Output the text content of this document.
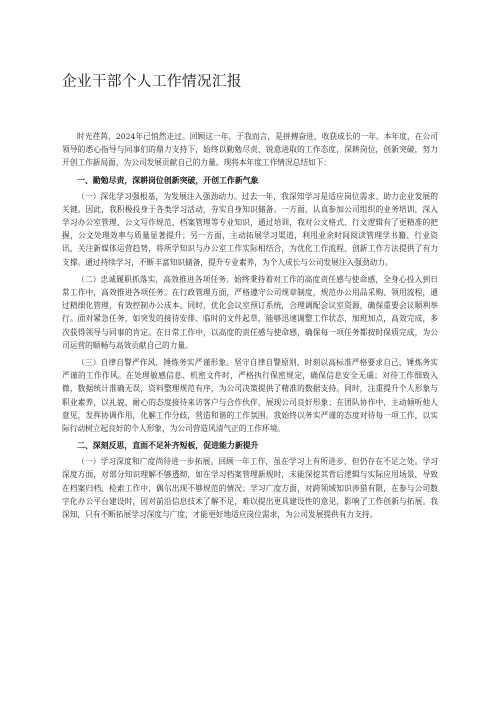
企业干部个人工作情况汇报

时光荏苒，2024年已悄然走过。回顾这一年，于我而言，是拼搏奋进、收获成长的一年。本年度，在公司领导的悉心指导与同事们的鼎力支持下，始终以勤勉尽责、锐意进取的工作态度，深耕岗位，创新突破，努力开创工作新局面，为公司发展贡献自己的力量。现将本年度工作情况总结如下：

一、勤勉尽责，深耕岗位创新突破，开创工作新气象

（一）深化学习强根基，为发展注入强劲动力。过去一年，我深知学习是适应岗位需求、助力企业发展的关键。因此，我积极投身于各类学习活动，夯实自身知识储备。一方面，认真参加公司组织的业务培训，深入学习办公室管理、公文写作规范、档案管理等专业知识，通过培训，我对公文格式、行文逻辑有了更精准的把握，公文处理效率与质量显著提升；另一方面，主动拓展学习渠道，利用业余时间阅读管理学书籍、行业资讯，关注新媒体运营趋势，将所学知识与办公室工作实际相结合，为优化工作流程、创新工作方法提供了有力支撑。通过持续学习，不断丰富知识储备，提升专业素养，为个人成长与公司发展注入强劲动力。

（二）忠诚履职抓落实，高效推进各项任务。始终秉持着对工作的高度责任感与使命感，全身心投入到日常工作中，高效推进各项任务。在行政管理方面，严格遵守公司规章制度，规范办公用品采购、领用流程，通过精细化管理，有效控制办公成本。同时，优化会议室预订系统，合理调配会议室资源，确保重要会议顺利举行。面对紧急任务，如突发的接待安排、临时的文件起草，能够迅速调整工作状态，加班加点，高效完成，多次获得领导与同事的肯定。在日常工作中，以高度的责任感与使命感，确保每一项任务都按时保质完成，为公司运营的顺畅与高效贡献自己的力量。

（三）自律自警严作风，锤炼务实严谨形象。坚守自律自警原则，时刻以高标准严格要求自己，锤炼务实严谨的工作作风。在处理敏感信息、机密文件时，严格执行保密规定，确保信息安全无虞；对待工作细致入微，数据统计准确无误，资料整理规范有序，为公司决策提供了精准的数据支持。同时，注重提升个人形象与职业素养，以礼貌、耐心的态度接待来访客户与合作伙伴，展现公司良好形象；在团队协作中，主动倾听他人意见，发挥协调作用，化解工作分歧，营造和谐的工作氛围。我始终以务实严谨的态度对待每一项工作，以实际行动树立起良好的个人形象，为公司营造风清气正的工作环境。

二、深刻反思，直面不足补齐短板，促进能力新提升

（一）学习深度和广度尚待进一步拓展。回顾一年工作，虽在学习上有所进步，但仍存在不足之处。学习深度方面，对部分知识理解不够透彻，如在学习档案管理新规时，未能深挖其背后逻辑与实际应用场景，导致在档案归档、检索工作中，偶尔出现不够规范的情况；学习广度方面，对跨领域知识涉猎有限，在参与公司数字化办公平台建设时，因对前沿信息技术了解不足，难以提出更具建设性的意见，影响了工作创新与拓展。我深知，只有不断拓展学习深度与广度，才能更好地适应岗位需求，为公司发展提供有力支持。
